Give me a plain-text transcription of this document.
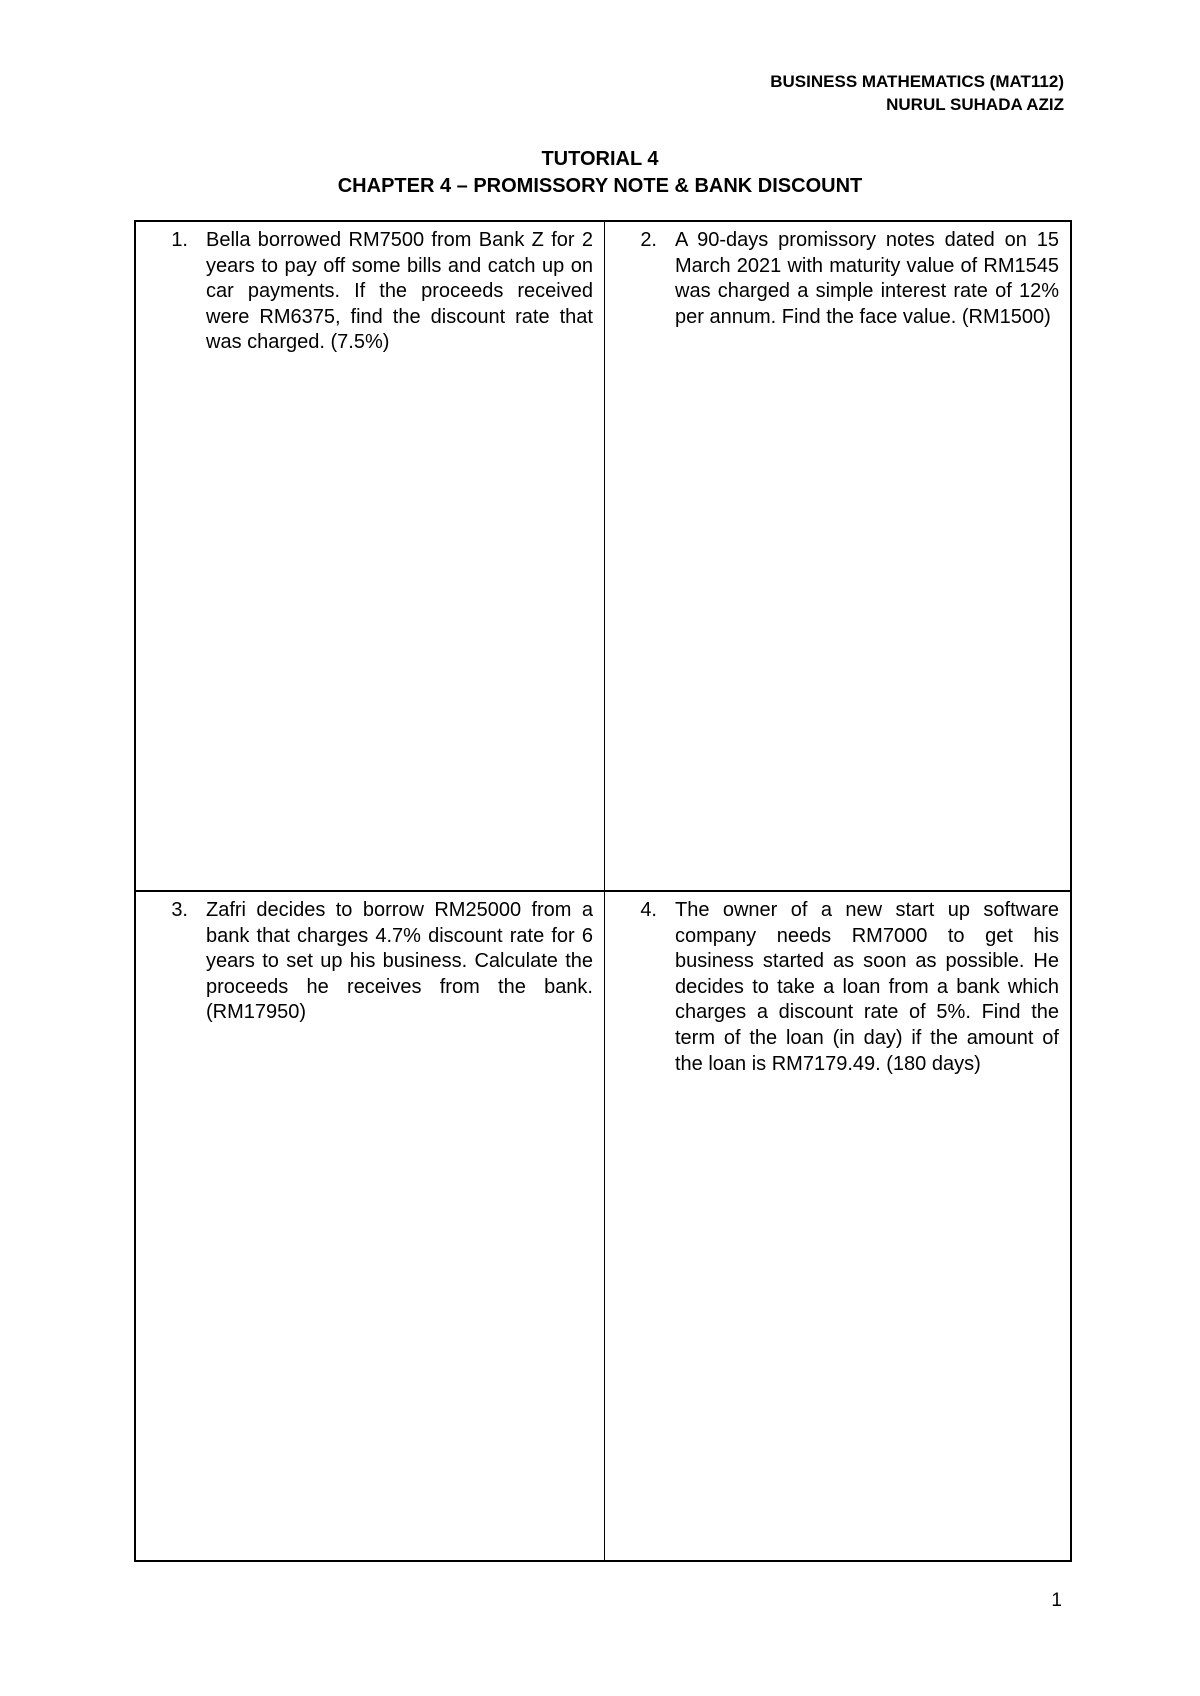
BUSINESS MATHEMATICS (MAT112)
NURUL SUHADA AZIZ
TUTORIAL 4
CHAPTER 4 – PROMISSORY NOTE & BANK DISCOUNT
1. Bella borrowed RM7500 from Bank Z for 2 years to pay off some bills and catch up on car payments. If the proceeds received were RM6375, find the discount rate that was charged. (7.5%)
2. A 90-days promissory notes dated on 15 March 2021 with maturity value of RM1545 was charged a simple interest rate of 12% per annum. Find the face value. (RM1500)
3. Zafri decides to borrow RM25000 from a bank that charges 4.7% discount rate for 6 years to set up his business. Calculate the proceeds he receives from the bank. (RM17950)
4. The owner of a new start up software company needs RM7000 to get his business started as soon as possible. He decides to take a loan from a bank which charges a discount rate of 5%. Find the term of the loan (in day) if the amount of the loan is RM7179.49. (180 days)
1
